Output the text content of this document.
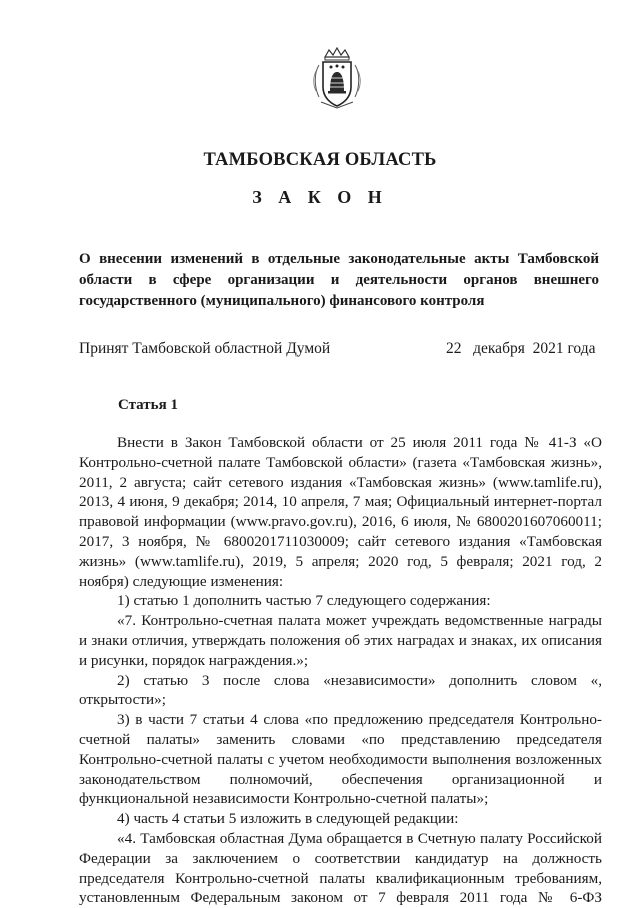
ТАМБОВСКАЯ ОБЛАСТЬ
З А К О Н
О внесении изменений в отдельные законодательные акты Тамбовской области в сфере организации и деятельности органов внешнего государственного (муниципального) финансового контроля
Принят Тамбовской областной Думой	22   декабря  2021 года
Статья 1

Внести в Закон Тамбовской области от 25 июля 2011 года № 41-З «О Контрольно-счетной палате Тамбовской области» (газета «Тамбовская жизнь», 2011, 2 августа; сайт сетевого издания «Тамбовская жизнь» (www.tamlife.ru), 2013, 4 июня, 9 декабря; 2014, 10 апреля, 7 мая; Официальный интернет-портал правовой информации (www.pravo.gov.ru), 2016, 6 июля, № 6800201607060011; 2017, 3 ноября, № 6800201711030009; сайт сетевого издания «Тамбовская жизнь» (www.tamlife.ru), 2019, 5 апреля; 2020 год, 5 февраля; 2021 год, 2 ноября) следующие изменения:

1) статью 1 дополнить частью 7 следующего содержания:

«7. Контрольно-счетная палата может учреждать ведомственные награды и знаки отличия, утверждать положения об этих наградах и знаках, их описания и рисунки, порядок награждения.»;

2) статью 3 после слова «независимости» дополнить словом «, открытости»;

3) в части 7 статьи 4 слова «по предложению председателя Контрольно-счетной палаты» заменить словами «по представлению председателя Контрольно-счетной палаты с учетом необходимости выполнения возложенных законодательством полномочий, обеспечения организационной и функциональной независимости Контрольно-счетной палаты»;

4) часть 4 статьи 5 изложить в следующей редакции:

«4. Тамбовская областная Дума обращается в Счетную палату Российской Федерации за заключением о соответствии кандидатур на должность председателя Контрольно-счетной палаты квалификационным требованиям, установленным Федеральным законом от 7 февраля 2011 года № 6-ФЗ
